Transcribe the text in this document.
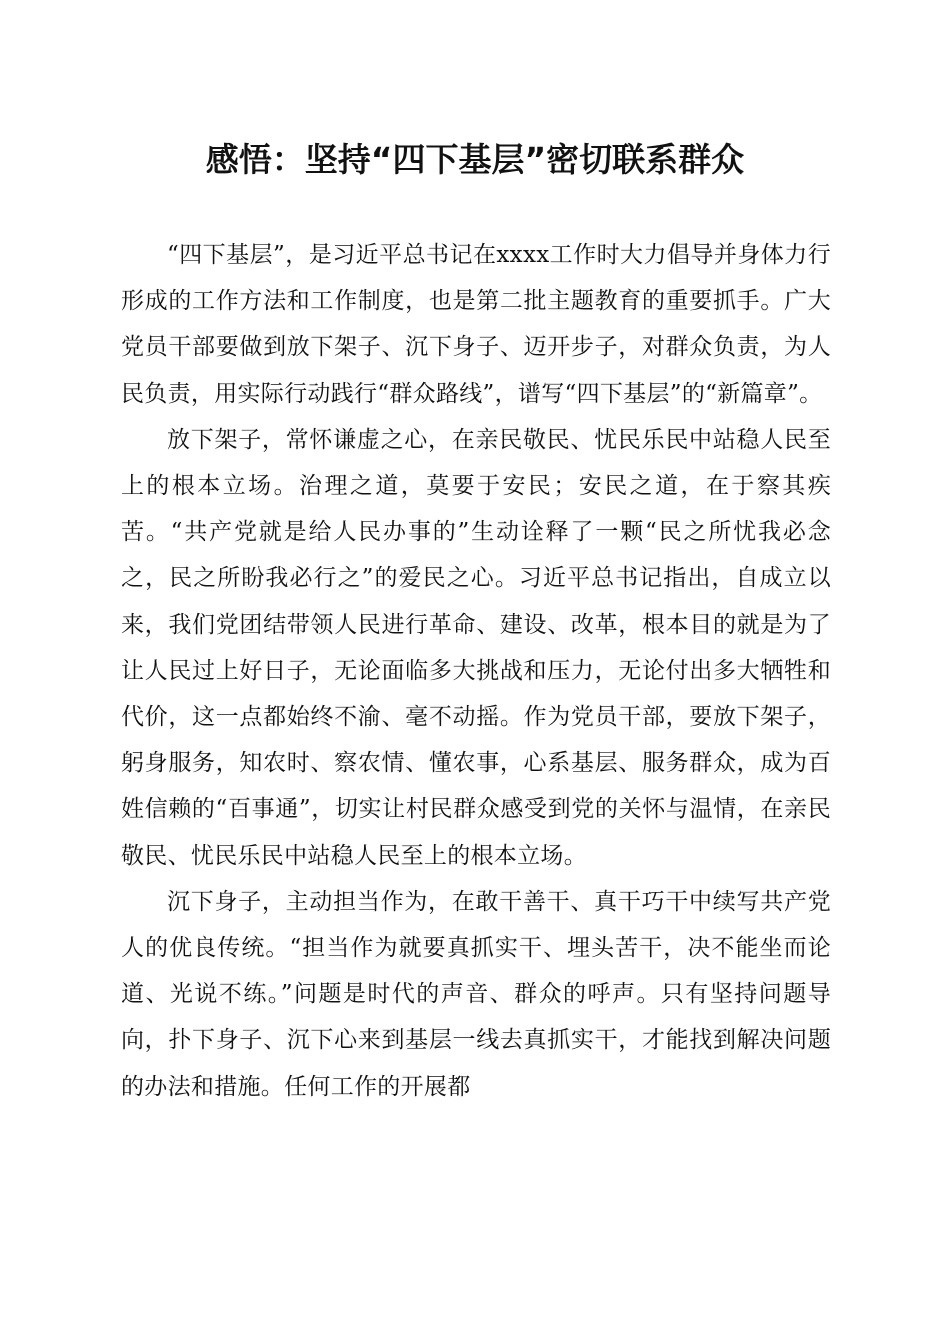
感悟：坚持“四下基层”密切联系群众

“四下基层”，是习近平总书记在xxxx工作时大力倡导并身体力行形成的工作方法和工作制度，也是第二批主题教育的重要抓手。广大党员干部要做到放下架子、沉下身子、迈开步子，对群众负责，为人民负责，用实际行动践行“群众路线”，谱写“四下基层”的“新篇章”。

放下架子，常怀谦虚之心，在亲民敬民、忧民乐民中站稳人民至上的根本立场。治理之道，莫要于安民；安民之道，在于察其疾苦。“共产党就是给人民办事的”生动诠释了一颗“民之所忧我必念之，民之所盼我必行之”的爱民之心。习近平总书记指出，自成立以来，我们党团结带领人民进行革命、建设、改革，根本目的就是为了让人民过上好日子，无论面临多大挑战和压力，无论付出多大牺牲和代价，这一点都始终不渝、毫不动摇。作为党员干部，要放下架子，躬身服务，知农时、察农情、懂农事，心系基层、服务群众，成为百姓信赖的“百事通”，切实让村民群众感受到党的关怀与温情，在亲民敬民、忧民乐民中站稳人民至上的根本立场。

沉下身子，主动担当作为，在敢干善干、真干巧干中续写共产党人的优良传统。“担当作为就要真抓实干、埋头苦干，决不能坐而论道、光说不练。”问题是时代的声音、群众的呼声。只有坚持问题导向，扑下身子、沉下心来到基层一线去真抓实干，才能找到解决问题的办法和措施。任何工作的开展都
